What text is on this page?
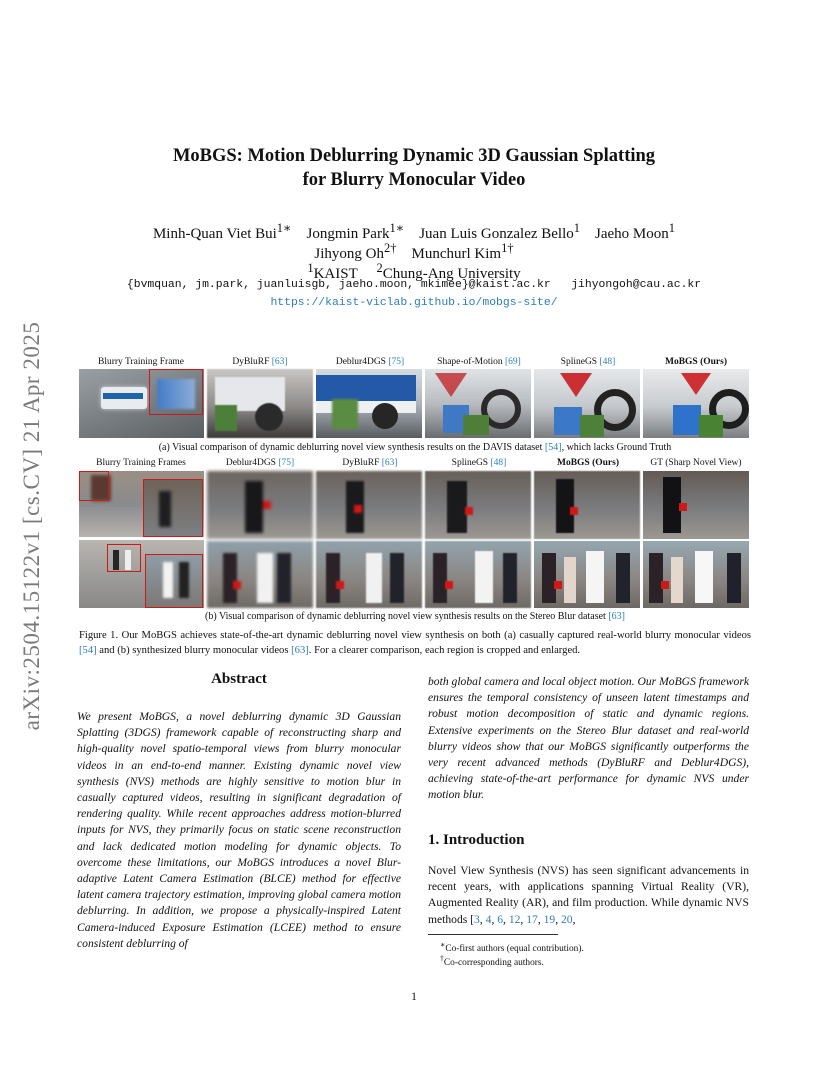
arXiv:2504.15122v1 [cs.CV] 21 Apr 2025
MoBGS: Motion Deblurring Dynamic 3D Gaussian Splatting
for Blurry Monocular Video
Minh-Quan Viet Bui$^{1∗}$ Jongmin Park$^{1∗}$ Juan Luis Gonzalez Bello$^1$ Jaeho Moon$^1$
Jihyong $Oh^{2\dagger}$ Munchurl Kim$^{1\dagger}$
$^1$KAIST $^2$Chung-Ang University
{bvmquan, jm.park, juanluisgb, jaeho.moon, mkimee}@kaist.ac.kr   jihyongoh@cau.ac.kr
https://kaist-viclab.github.io/mobgs-site/
Blurry Training Frame	DyBluRF [63]	Deblur4DGS [75]	Shape-of-Motion [69]	SplineGS [48]	MoBGS (Ours)
(a) Visual comparison of dynamic deblurring novel view synthesis results on the DAVIS dataset [54], which lacks Ground Truth
Blurry Training Frames	Deblur4DGS [75]	DyBluRF [63]	SplineGS [48]	MoBGS (Ours)	GT (Sharp Novel View)
(b) Visual comparison of dynamic deblurring novel view synthesis results on the Stereo Blur dataset [63]
Figure 1. Our MoBGS achieves state-of-the-art dynamic deblurring novel view synthesis on both (a) casually captured real-world blurry monocular videos [54] and (b) synthesized blurry monocular videos [63]. For a clearer comparison, each region is cropped and enlarged.
Abstract
We present MoBGS, a novel deblurring dynamic 3D Gaussian Splatting (3DGS) framework capable of reconstructing sharp and high-quality novel spatio-temporal views from blurry monocular videos in an end-to-end manner. Existing dynamic novel view synthesis (NVS) methods are highly sensitive to motion blur in casually captured videos, resulting in significant degradation of rendering quality. While recent approaches address motion-blurred inputs for NVS, they primarily focus on static scene reconstruction and lack dedicated motion modeling for dynamic objects. To overcome these limitations, our MoBGS introduces a novel Blur-adaptive Latent Camera Estimation (BLCE) method for effective latent camera trajectory estimation, improving global camera motion deblurring. In addition, we propose a physically-inspired Latent Camera-induced Exposure Estimation (LCEE) method to ensure consistent deblurring of
both global camera and local object motion. Our MoBGS framework ensures the temporal consistency of unseen latent timestamps and robust motion decomposition of static and dynamic regions. Extensive experiments on the Stereo Blur dataset and real-world blurry videos show that our MoBGS significantly outperforms the very recent advanced methods (DyBluRF and Deblur4DGS), achieving state-of-the-art performance for dynamic NVS under motion blur.
1. Introduction
Novel View Synthesis (NVS) has seen significant advancements in recent years, with applications spanning Virtual Reality (VR), Augmented Reality (AR), and film production. While dynamic NVS methods [3, 4, 6, 12, 17, 19, 20,
∗Co-first authors (equal contribution).
†Co-corresponding authors.
1
